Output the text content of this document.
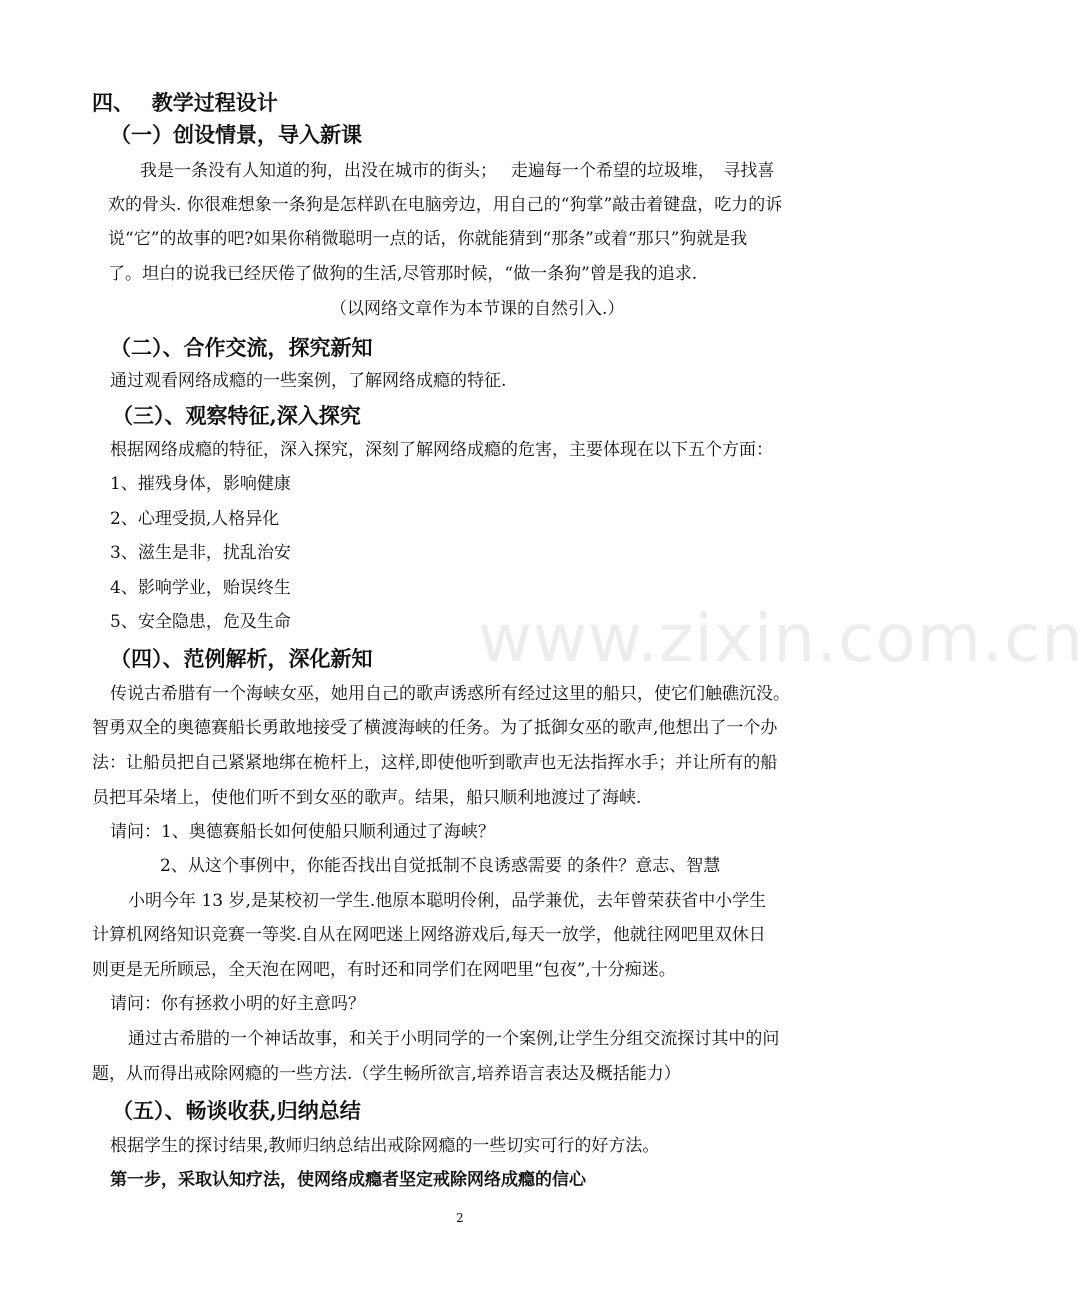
www.zixin.com.cn
四、　 教学过程设计
（一）创设情景，导入新课
我是一条没有人知道的狗，出没在城市的街头；　 走遍每一个希望的垃圾堆，　寻找喜
欢的骨头. 你很难想象一条狗是怎样趴在电脑旁边，用自己的“狗掌”敲击着键盘，吃力的诉
说“它”的故事的吧?如果你稍微聪明一点的话，你就能猜到“那条”或着“那只”狗就是我
了。坦白的说我已经厌倦了做狗的生活,尽管那时候，“做一条狗”曾是我的追求.
（以网络文章作为本节课的自然引入.）
（二）、合作交流，探究新知
通过观看网络成瘾的一些案例，了解网络成瘾的特征.
（三）、观察特征,深入探究
根据网络成瘾的特征，深入探究，深刻了解网络成瘾的危害，主要体现在以下五个方面：
1、摧残身体，影响健康
2、心理受损,人格异化
3、滋生是非，扰乱治安
4、影响学业，贻误终生
5、安全隐患，危及生命
（四）、范例解析，深化新知
传说古希腊有一个海峡女巫，她用自己的歌声诱惑所有经过这里的船只，使它们触礁沉没。
智勇双全的奥德赛船长勇敢地接受了横渡海峡的任务。为了抵御女巫的歌声,他想出了一个办
法：让船员把自己紧紧地绑在桅杆上，这样,即使他听到歌声也无法指挥水手；并让所有的船
员把耳朵堵上，使他们听不到女巫的歌声。结果，船只顺利地渡过了海峡.
请问：1、奥德赛船长如何使船只顺利通过了海峡？
2、从这个事例中，你能否找出自觉抵制不良诱惑需要 的条件？意志、智慧
小明今年 13 岁,是某校初一学生.他原本聪明伶俐，品学兼优，去年曾荣获省中小学生
计算机网络知识竞赛一等奖.自从在网吧迷上网络游戏后,每天一放学，他就往网吧里双休日
则更是无所顾忌，全天泡在网吧，有时还和同学们在网吧里“包夜”,十分痴迷。
请问：你有拯救小明的好主意吗？
通过古希腊的一个神话故事，和关于小明同学的一个案例,让学生分组交流探讨其中的问
题，从而得出戒除网瘾的一些方法.（学生畅所欲言,培养语言表达及概括能力）
（五）、畅谈收获,归纳总结
根据学生的探讨结果,教师归纳总结出戒除网瘾的一些切实可行的好方法。
第一步，采取认知疗法，使网络成瘾者坚定戒除网络成瘾的信心
2
